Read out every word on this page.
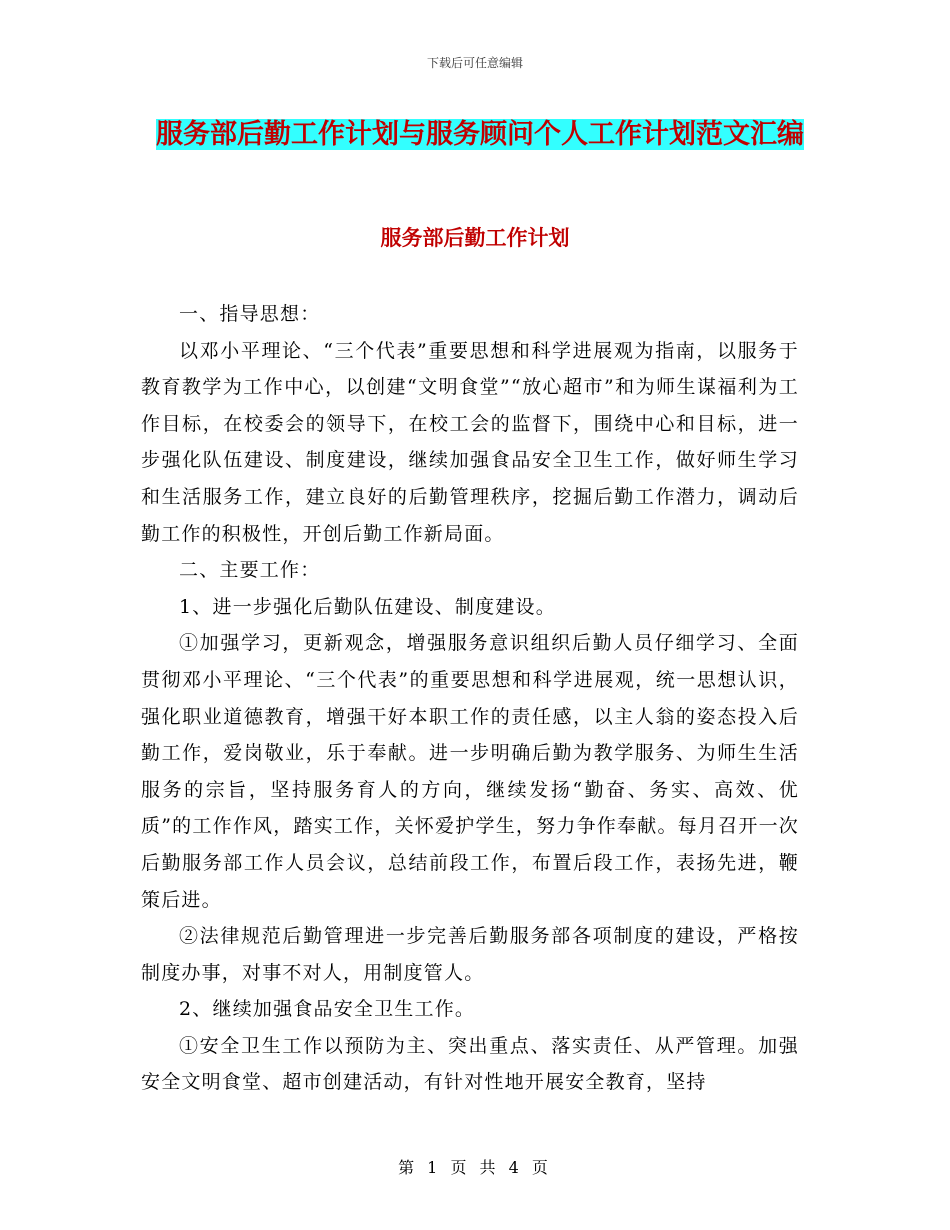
下载后可任意编辑
服务部后勤工作计划与服务顾问个人工作计划范文汇编
服务部后勤工作计划

一、指导思想：

以邓小平理论、“三个代表”重要思想和科学进展观为指南，以服务于教育教学为工作中心，以创建“文明食堂”“放心超市”和为师生谋福利为工作目标，在校委会的领导下，在校工会的监督下，围绕中心和目标，进一步强化队伍建设、制度建设，继续加强食品安全卫生工作，做好师生学习和生活服务工作，建立良好的后勤管理秩序，挖掘后勤工作潜力，调动后勤工作的积极性，开创后勤工作新局面。

二、主要工作：

1、进一步强化后勤队伍建设、制度建设。

①加强学习，更新观念，增强服务意识组织后勤人员仔细学习、全面贯彻邓小平理论、“三个代表”的重要思想和科学进展观，统一思想认识，强化职业道德教育，增强干好本职工作的责任感，以主人翁的姿态投入后勤工作，爱岗敬业，乐于奉献。进一步明确后勤为教学服务、为师生生活服务的宗旨，坚持服务育人的方向，继续发扬“勤奋、务实、高效、优质”的工作作风，踏实工作，关怀爱护学生，努力争作奉献。每月召开一次后勤服务部工作人员会议，总结前段工作，布置后段工作，表扬先进，鞭策后进。

②法律规范后勤管理进一步完善后勤服务部各项制度的建设，严格按制度办事，对事不对人，用制度管人。

2、继续加强食品安全卫生工作。

①安全卫生工作以预防为主、突出重点、落实责任、从严管理。加强安全文明食堂、超市创建活动，有针对性地开展安全教育，坚持

第 1 页 共 4 页
